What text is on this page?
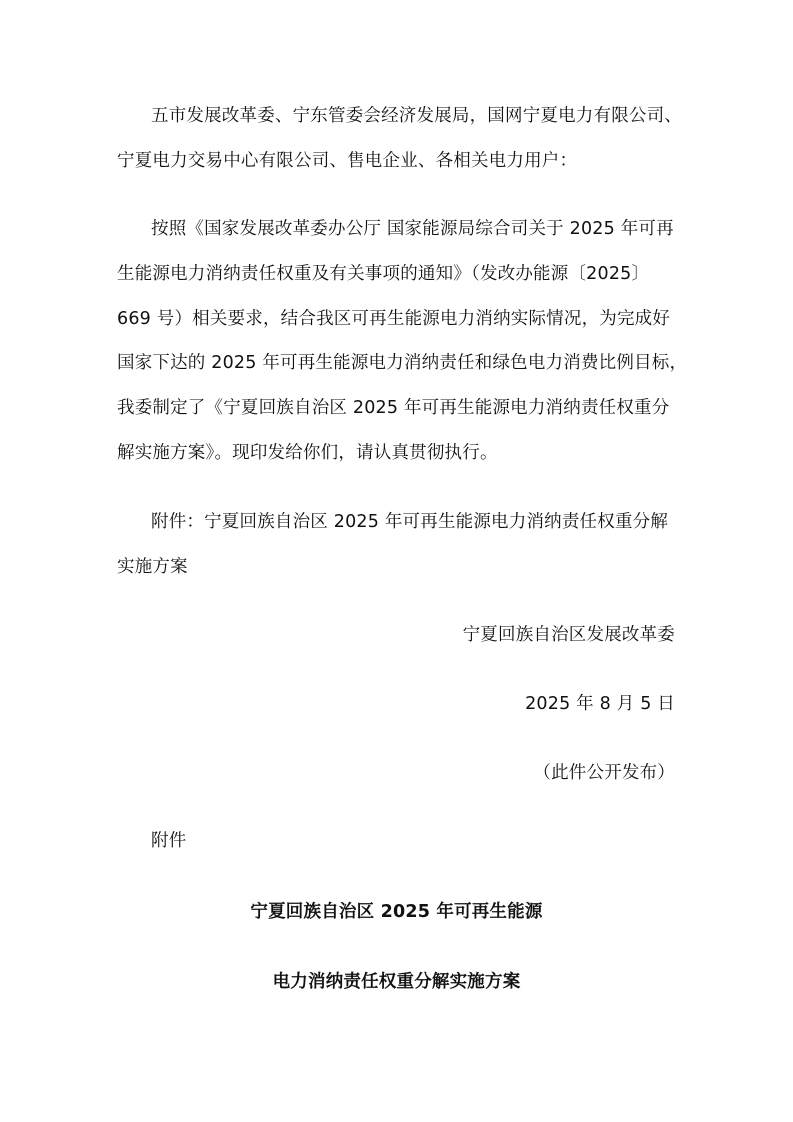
五市发展改革委、宁东管委会经济发展局，国网宁夏电力有限公司、
宁夏电力交易中心有限公司、售电企业、各相关电力用户：
按照《国家发展改革委办公厅 国家能源局综合司关于 2025 年可再
生能源电力消纳责任权重及有关事项的通知》（发改办能源〔2025〕
669 号）相关要求，结合我区可再生能源电力消纳实际情况，为完成好
国家下达的 2025 年可再生能源电力消纳责任和绿色电力消费比例目标，
我委制定了《宁夏回族自治区 2025 年可再生能源电力消纳责任权重分
解实施方案》。现印发给你们，请认真贯彻执行。
附件：宁夏回族自治区 2025 年可再生能源电力消纳责任权重分解
实施方案
宁夏回族自治区发展改革委
2025 年 8 月 5 日
（此件公开发布）
附件
宁夏回族自治区 2025 年可再生能源
电力消纳责任权重分解实施方案
